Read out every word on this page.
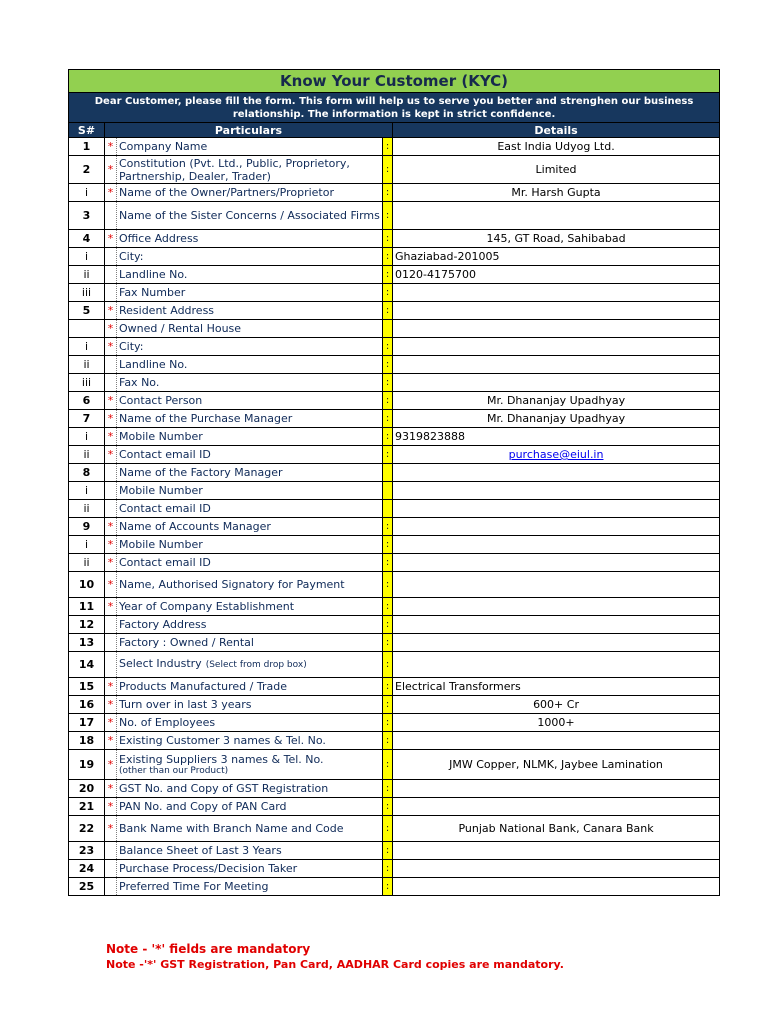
Know Your Customer (KYC)				
Dear Customer, please fill the form. This form will help us to serve you better and strenghen our business relationship. The information is kept in strict confidence.				
S#	Particulars			Details
1	*	Company Name	:	East India Udyog Ltd.
2	*	Constitution (Pvt. Ltd., Public, Proprietory, Partnership, Dealer, Trader)	:	Limited
i	*	Name of the Owner/Partners/Proprietor	:	Mr. Harsh Gupta
3		Name of the Sister Concerns / Associated Firms	:	
4	*	Office Address	:	145, GT Road, Sahibabad
i		City:	:	Ghaziabad-201005
ii		Landline No.	:	0120-4175700
iii		Fax Number	:	
5	*	Resident Address	:	
	*	Owned / Rental House		
i	*	City:	:	
ii		Landline No.	:	
iii		Fax No.	:	
6	*	Contact Person	:	Mr. Dhananjay Upadhyay
7	*	Name of the Purchase Manager	:	Mr. Dhananjay Upadhyay
i	*	Mobile Number	:	9319823888
ii	*	Contact email ID	:	purchase@eiul.in
8		Name of the Factory Manager		
i		Mobile Number		
ii		Contact email ID		
9	*	Name of Accounts Manager	:	
i	*	Mobile Number	:	
ii	*	Contact email ID	:	
10	*	Name, Authorised Signatory for Payment	:	
11	*	Year of Company Establishment	:	
12		Factory Address	:	
13		Factory : Owned / Rental	:	
14		Select Industry (Select from drop box)	:	
15	*	Products Manufactured / Trade	:	Electrical Transformers
16	*	Turn over in last 3 years	:	600+ Cr
17	*	No. of Employees	:	1000+
18	*	Existing Customer 3 names & Tel. No.	:	
19	*	Existing Suppliers 3 names & Tel. No.
(other than our Product)	:	JMW Copper, NLMK, Jaybee Lamination
20	*	GST No. and Copy of GST Registration	:	
21	*	PAN No. and Copy of PAN Card	:	
22	*	Bank Name with Branch Name and Code	:	Punjab National Bank, Canara Bank
23		Balance Sheet of Last 3 Years	:	
24		Purchase Process/Decision Taker	:	
25		Preferred Time For Meeting	:	
Note - '*' fields are mandatory
Note -'*' GST Registration, Pan Card, AADHAR Card copies are mandatory.
